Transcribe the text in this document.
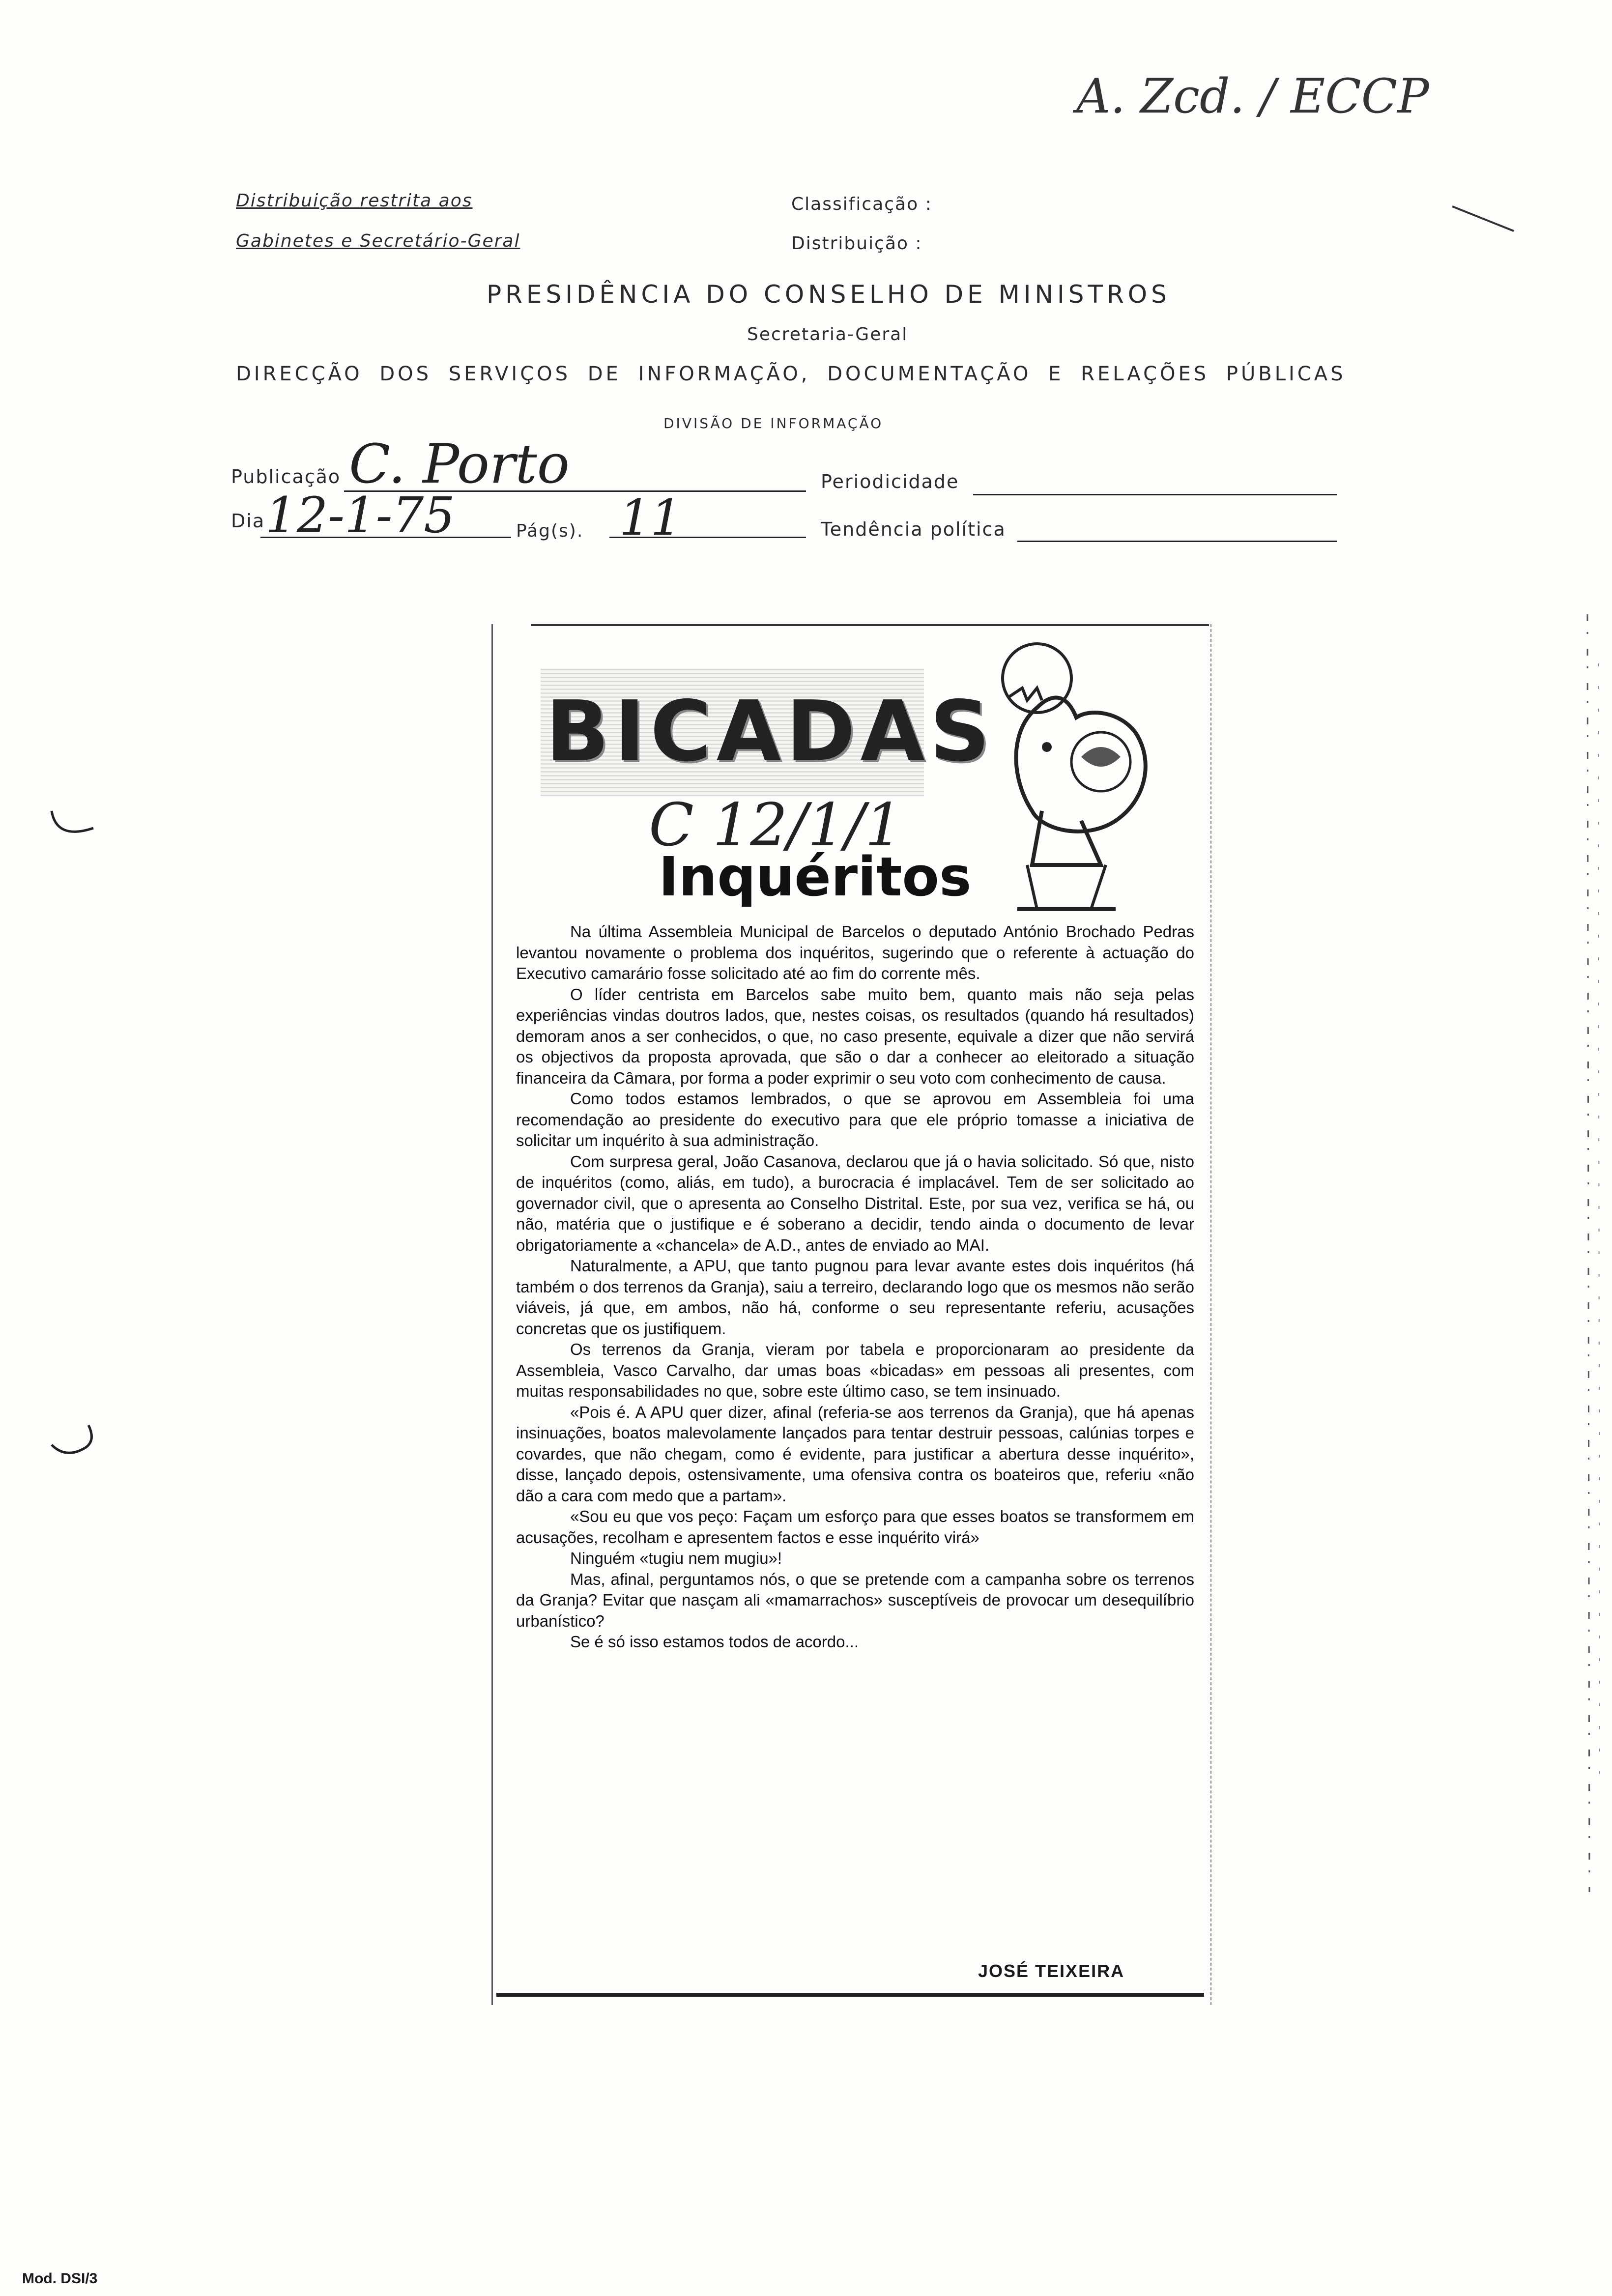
A. Zcd. / ECCP
Distribuição restrita aos
Gabinetes e Secretário-Geral
Classificação :
Distribuição :
PRESIDÊNCIA DO CONSELHO DE MINISTROS
Secretaria-Geral
DIRECÇÃO DOS SERVIÇOS DE INFORMAÇÃO, DOCUMENTAÇÃO E RELAÇÕES PÚBLICAS
DIVISÃO DE INFORMAÇÃO
Publicação C. Porto
Dia 12-1-75	Pág(s). 11
Periodicidade
Tendência política
BICADAS
C 12/1/1
Inquéritos

Na última Assembleia Municipal de Barcelos o deputado António Brochado Pedras levantou novamente o problema dos inquéritos, sugerindo que o referente à actuação do Executivo camarário fosse solicitado até ao fim do corrente mês.

O líder centrista em Barcelos sabe muito bem, quanto mais não seja pelas experiências vindas doutros lados, que, nestes coisas, os resultados (quando há resultados) demoram anos a ser conhecidos, o que, no caso presente, equivale a dizer que não servirá os objectivos da proposta aprovada, que são o dar a conhecer ao eleitorado a situação financeira da Câmara, por forma a poder exprimir o seu voto com conhecimento de causa.

Como todos estamos lembrados, o que se aprovou em Assembleia foi uma recomendação ao presidente do executivo para que ele próprio tomasse a iniciativa de solicitar um inquérito à sua administração.

Com surpresa geral, João Casanova, declarou que já o havia solicitado. Só que, nisto de inquéritos (como, aliás, em tudo), a burocracia é implacável. Tem de ser solicitado ao governador civil, que o apresenta ao Conselho Distrital. Este, por sua vez, verifica se há, ou não, matéria que o justifique e é soberano a decidir, tendo ainda o documento de levar obrigatoriamente a «chancela» de A.D., antes de enviado ao MAI.

Naturalmente, a APU, que tanto pugnou para levar avante estes dois inquéritos (há também o dos terrenos da Granja), saiu a terreiro, declarando logo que os mesmos não serão viáveis, já que, em ambos, não há, conforme o seu representante referiu, acusações concretas que os justifiquem.

Os terrenos da Granja, vieram por tabela e proporcionaram ao presidente da Assembleia, Vasco Carvalho, dar umas boas «bicadas» em pessoas ali presentes, com muitas responsabilidades no que, sobre este último caso, se tem insinuado.

«Pois é. A APU quer dizer, afinal (referia-se aos terrenos da Granja), que há apenas insinuações, boatos malevolamente lançados para tentar destruir pessoas, calúnias torpes e covardes, que não chegam, como é evidente, para justificar a abertura desse inquérito», disse, lançado depois, ostensivamente, uma ofensiva contra os boateiros que, referiu «não dão a cara com medo que a partam».

«Sou eu que vos peço: Façam um esforço para que esses boatos se transformem em acusações, recolham e apresentem factos e esse inquérito virá»

Ninguém «tugiu nem mugiu»!

Mas, afinal, perguntamos nós, o que se pretende com a campanha sobre os terrenos da Granja? Evitar que nasçam ali «mamarrachos» susceptíveis de provocar um desequilíbrio urbanístico?

Se é só isso estamos todos de acordo...

JOSÉ TEIXEIRA
Mod. DSI/3
